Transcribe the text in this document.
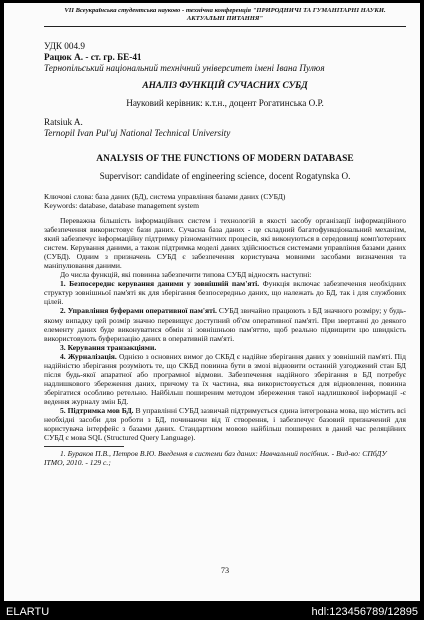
VII Всеукраїнська студентська науково - технічна конференція "ПРИРОДНИЧІ ТА ГУМАНІТАРНІ НАУКИ.
АКТУАЛЬНІ ПИТАННЯ"
УДК 004.9
Рацюк А. - ст. гр. БЕ-41
Тернопільський національний технічний університет імені Івана Пулюя
АНАЛІЗ ФУНКЦІЙ СУЧАСНИХ СУБД
Науковий керівник: к.т.н., доцент Рогатинська О.Р.
Ratsiuk A.
Ternopil Ivan Pul'uj National Technical University
ANALYSIS OF THE FUNCTIONS OF MODERN DATABASE
Supervisor: candidate of engineering science, docent Rogatynska O.
Ключові слова: база даних (БД), система управління базами даних (СУБД)
Keywords: database, database management system

Переважна більшість інформаційних систем і технологій в якості засобу організації інформаційного забезпечення використовує бази даних. Сучасна база даних - це складний багатофункціональний механізм, який забезпечує інформаційну підтримку різноманітних процесів, які виконуються в середовищі комп'ютерних систем. Керування даними, а також підтримка моделі даних здійснюється системами управління базами даних (СУБД). Одним з призначень СУБД є забезпечення користувача мовними засобами визначення та маніпулювання даними.

До числа функцій, які повинна забезпечити типова СУБД відносять наступні:

1. Безпосереднє керування даними у зовнішній пам'яті. Функція включає забезпечення необхідних структур зовнішньої пам'яті як для зберігання безпосередньо даних, що належать до БД, так і для службових цілей.

2. Управління буферами оперативної пам'яті. СУБД звичайно працюють з БД значного розміру; у будь-якому випадку цей розмір значно перевищує доступний об'єм оперативної пам'яті. При звертанні до деякого елементу даних буде виконуватися обмін зі зовнішньою пам'яттю, щоб реально підвищити цю швидкість використовують буферизацію даних в оперативній пам'яті.

3. Керування транзакціями.

4. Журналізація. Однією з основних вимог до СКБД є надійне зберігання даних у зовнішній пам'яті. Під надійністю зберігання розуміють те, що СКБД повинна бути в змозі відновити останній узгоджений стан БД після будь-якої апаратної або програмної відмови. Забезпечення надійного зберігання в БД потребує надлишкового збереження даних, причому та їх частина, яка використовується для відновлення, повинна зберігатися особливо ретельно. Найбільш поширеним методом збереження такої надлишкової інформації -є ведення журналу змін БД.

5. Підтримка мов БД. В управлінні СУБД зазвичай підтримується єдина інтегрована мова, що містить всі необхідні засоби для роботи з БД, починаючи від її створення, і забезпечує базовий призначений для користувача інтерфейс з базами даних. Стандартним мовою найбільш поширених в даний час реляційних СУБД є мова SQL (Structured Query Language).

1. Бураков П.В., Петров В.Ю. Введення в системи баз даних: Навчальний посібник. - Вид-во: СПбДУ ІТМО, 2010. - 129 с.;
73
ELARTU	hdl:123456789/12895
